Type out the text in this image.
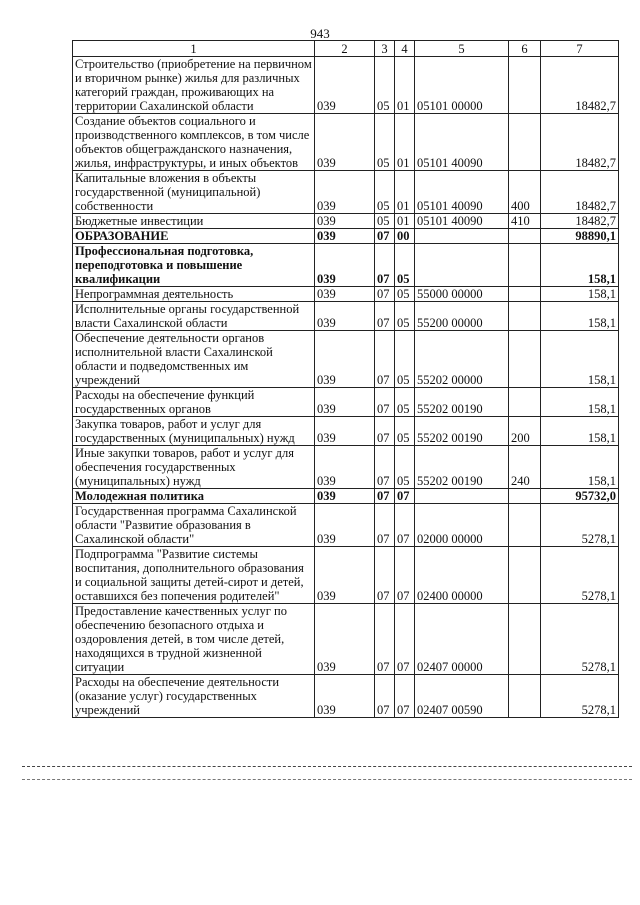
943
1	2	3	4	5	6	7
Строительство (приобретение на первичном и вторичном рынке) жилья для различных категорий граждан, проживающих на территории Сахалинской области	039	05	01	05101 00000		18482,7
Создание объектов социального и производственного комплексов, в том числе объектов общегражданского назначения, жилья, инфраструктуры, и иных объектов	039	05	01	05101 40090		18482,7
Капитальные вложения в объекты государственной (муниципальной) собственности	039	05	01	05101 40090	400	18482,7
Бюджетные инвестиции	039	05	01	05101 40090	410	18482,7
ОБРАЗОВАНИЕ	039	07	00			98890,1
Профессиональная подготовка, переподготовка и повышение квалификации	039	07	05			158,1
Непрограммная деятельность	039	07	05	55000 00000		158,1
Исполнительные органы государственной власти Сахалинской области	039	07	05	55200 00000		158,1
Обеспечение деятельности органов исполнительной власти Сахалинской области и подведомственных им учреждений	039	07	05	55202 00000		158,1
Расходы на обеспечение функций государственных органов	039	07	05	55202 00190		158,1
Закупка товаров, работ и услуг для государственных (муниципальных) нужд	039	07	05	55202 00190	200	158,1
Иные закупки товаров, работ и услуг для обеспечения государственных (муниципальных) нужд	039	07	05	55202 00190	240	158,1
Молодежная политика	039	07	07			95732,0
Государственная программа Сахалинской области "Развитие образования в Сахалинской области"	039	07	07	02000 00000		5278,1
Подпрограмма "Развитие системы воспитания, дополнительного образования и социальной защиты детей-сирот и детей, оставшихся без попечения родителей"	039	07	07	02400 00000		5278,1
Предоставление качественных услуг по обеспечению безопасного отдыха и оздоровления детей, в том числе детей, находящихся в трудной жизненной ситуации	039	07	07	02407 00000		5278,1
Расходы на обеспечение деятельности (оказание услуг) государственных учреждений	039	07	07	02407 00590		5278,1
